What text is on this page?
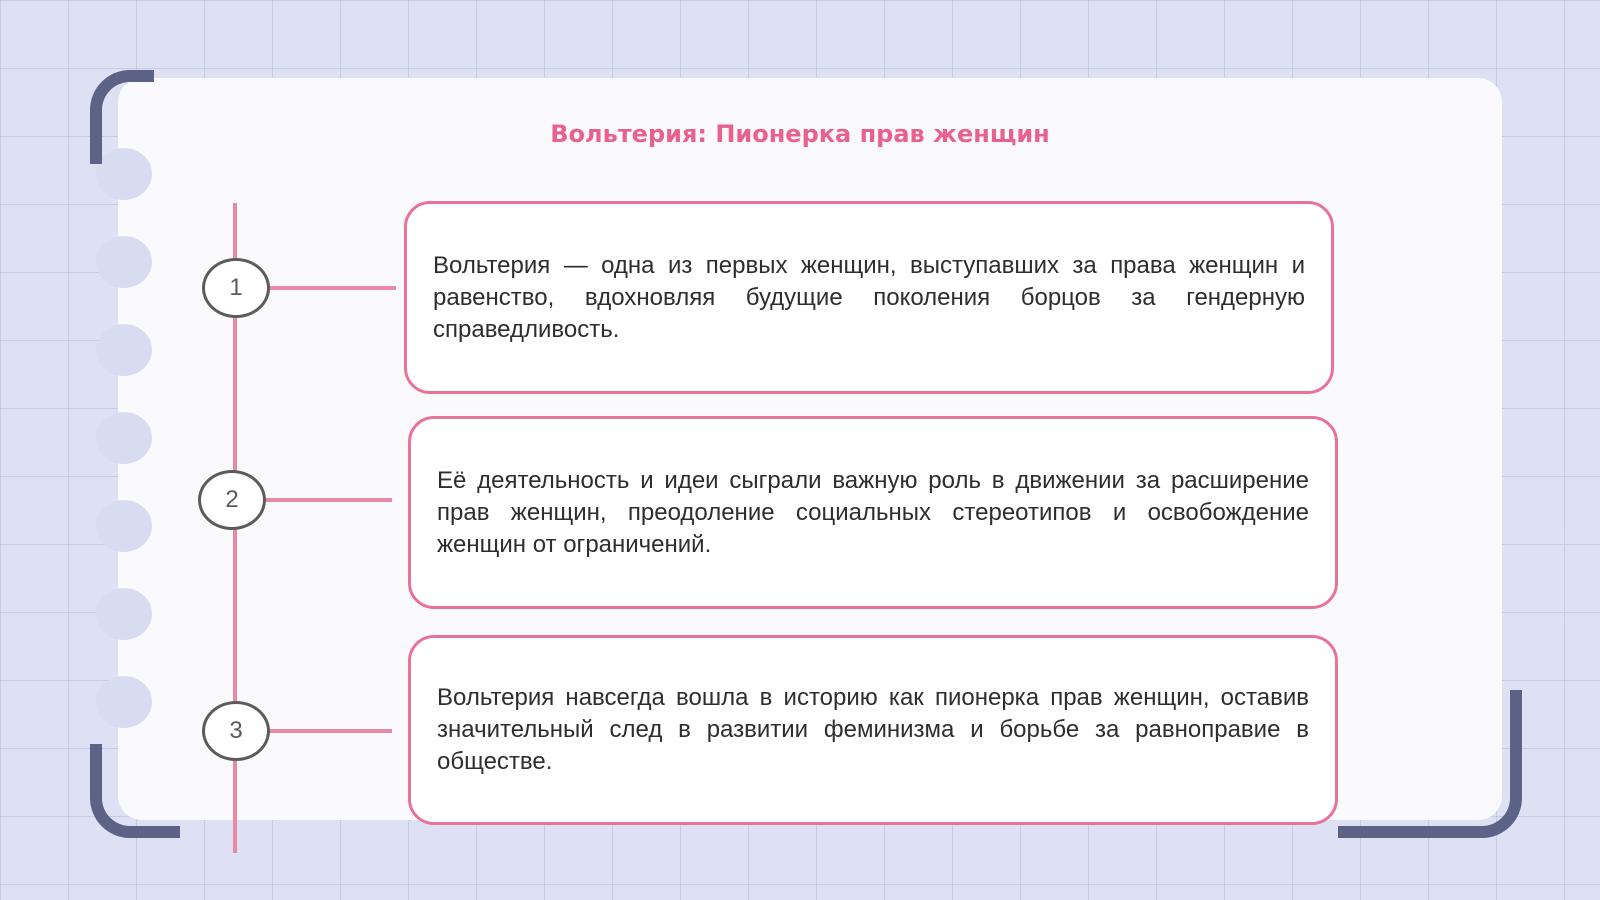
Вольтерия: Пионерка прав женщин
1
2
3
Вольтерия — одна из первых женщин, выступавших за права женщин и равенство, вдохновляя будущие поколения борцов за гендерную справедливость.
Её деятельность и идеи сыграли важную роль в движении за расширение прав женщин, преодоление социальных стереотипов и освобождение женщин от ограничений.
Вольтерия навсегда вошла в историю как пионерка прав женщин, оставив значительный след в развитии феминизма и борьбе за равноправие в обществе.
